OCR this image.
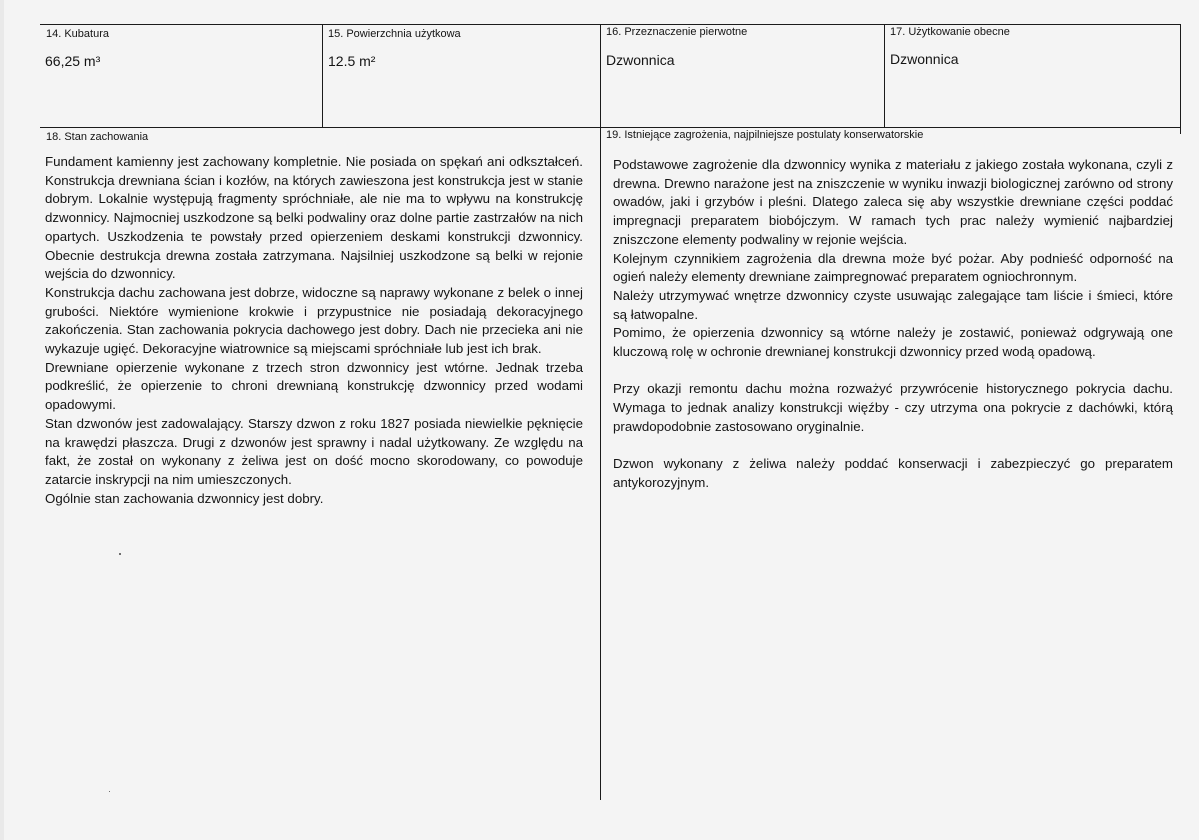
14. Kubatura
66,25 m³
15. Powierzchnia użytkowa
12.5 m²
16. Przeznaczenie pierwotne
Dzwonnica
17. Użytkowanie obecne
Dzwonnica
18. Stan zachowania

Fundament kamienny jest zachowany kompletnie. Nie posiada on spękań ani odkształceń. Konstrukcja drewniana ścian i kozłów, na których zawieszona jest konstrukcja jest w stanie dobrym. Lokalnie występują fragmenty spróchniałe, ale nie ma to wpływu na konstrukcję dzwonnicy. Najmocniej uszkodzone są belki podwaliny oraz dolne partie zastrzałów na nich opartych. Uszkodzenia te powstały przed opierzeniem deskami konstrukcji dzwonnicy. Obecnie destrukcja drewna została zatrzymana. Najsilniej uszkodzone są belki w rejonie wejścia do dzwonnicy.

Konstrukcja dachu zachowana jest dobrze, widoczne są naprawy wykonane z belek o innej grubości. Niektóre wymienione krokwie i przypustnice nie posiadają dekoracyjnego zakończenia. Stan zachowania pokrycia dachowego jest dobry. Dach nie przecieka ani nie wykazuje ugięć. Dekoracyjne wiatrownice są miejscami spróchniałe lub jest ich brak.

Drewniane opierzenie wykonane z trzech stron dzwonnicy jest wtórne. Jednak trzeba podkreślić, że opierzenie to chroni drewnianą konstrukcję dzwonnicy przed wodami opadowymi.

Stan dzwonów jest zadowalający. Starszy dzwon z roku 1827 posiada niewielkie pęknięcie na krawędzi płaszcza. Drugi z dzwonów jest sprawny i nadal użytkowany. Ze względu na fakt, że został on wykonany z żeliwa jest on dość mocno skorodowany, co powoduje zatarcie inskrypcji na nim umieszczonych.

Ogólnie stan zachowania dzwonnicy jest dobry.

19. Istniejące zagrożenia, najpilniejsze postulaty konserwatorskie

Podstawowe zagrożenie dla dzwonnicy wynika z materiału z jakiego została wykonana, czyli z drewna. Drewno narażone jest na zniszczenie w wyniku inwazji biologicznej zarówno od strony owadów, jaki i grzybów i pleśni. Dlatego zaleca się aby wszystkie drewniane części poddać impregnacji preparatem biobójczym. W ramach tych prac należy wymienić najbardziej zniszczone elementy podwaliny w rejonie wejścia.

Kolejnym czynnikiem zagrożenia dla drewna może być pożar. Aby podnieść odporność na ogień należy elementy drewniane zaimpregnować preparatem ogniochronnym.

Należy utrzymywać wnętrze dzwonnicy czyste usuwając zalegające tam liście i śmieci, które są łatwopalne.

Pomimo, że opierzenia dzwonnicy są wtórne należy je zostawić, ponieważ odgrywają one kluczową rolę w ochronie drewnianej konstrukcji dzwonnicy przed wodą opadową.

Przy okazji remontu dachu można rozważyć przywrócenie historycznego pokrycia dachu. Wymaga to jednak analizy konstrukcji więźby - czy utrzyma ona pokrycie z dachówki, którą prawdopodobnie zastosowano oryginalnie.

Dzwon wykonany z żeliwa należy poddać konserwacji i zabezpieczyć go preparatem antykorozyjnym.
